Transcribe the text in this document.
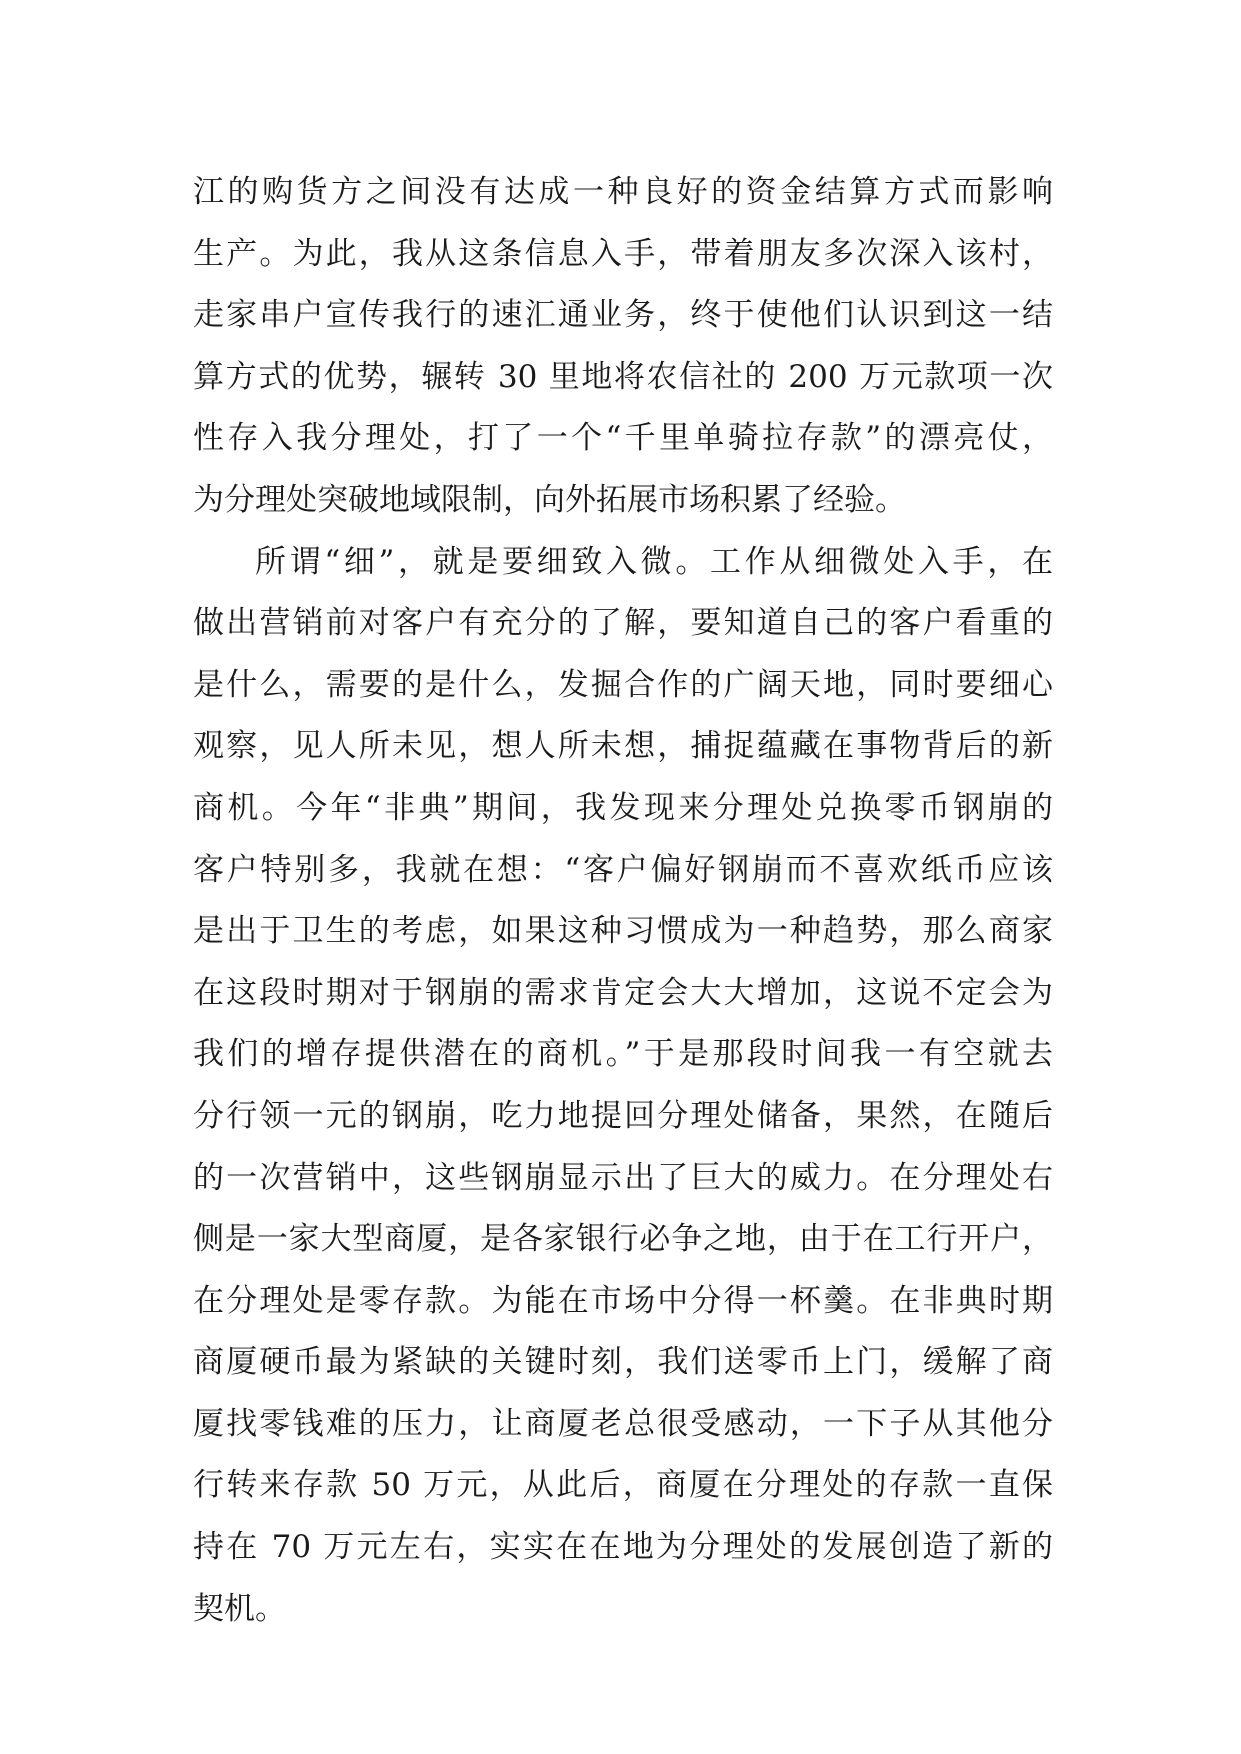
江的购货方之间没有达成一种良好的资金结算方式而影响
生产。为此，我从这条信息入手，带着朋友多次深入该村，
走家串户宣传我行的速汇通业务，终于使他们认识到这一结
算方式的优势，辗转 30 里地将农信社的 200 万元款项一次
性存入我分理处，打了一个“千里单骑拉存款”的漂亮仗，
为分理处突破地域限制，向外拓展市场积累了经验。
所谓“细”，就是要细致入微。工作从细微处入手，在
做出营销前对客户有充分的了解，要知道自己的客户看重的
是什么，需要的是什么，发掘合作的广阔天地，同时要细心
观察，见人所未见，想人所未想，捕捉蕴藏在事物背后的新
商机。今年“非典”期间，我发现来分理处兑换零币钢崩的
客户特别多，我就在想：“客户偏好钢崩而不喜欢纸币应该
是出于卫生的考虑，如果这种习惯成为一种趋势，那么商家
在这段时期对于钢崩的需求肯定会大大增加，这说不定会为
我们的增存提供潜在的商机。”于是那段时间我一有空就去
分行领一元的钢崩，吃力地提回分理处储备，果然，在随后
的一次营销中，这些钢崩显示出了巨大的威力。在分理处右
侧是一家大型商厦，是各家银行必争之地，由于在工行开户，
在分理处是零存款。为能在市场中分得一杯羹。在非典时期
商厦硬币最为紧缺的关键时刻，我们送零币上门，缓解了商
厦找零钱难的压力，让商厦老总很受感动，一下子从其他分
行转来存款 50 万元，从此后，商厦在分理处的存款一直保
持在 70 万元左右，实实在在地为分理处的发展创造了新的
契机。
